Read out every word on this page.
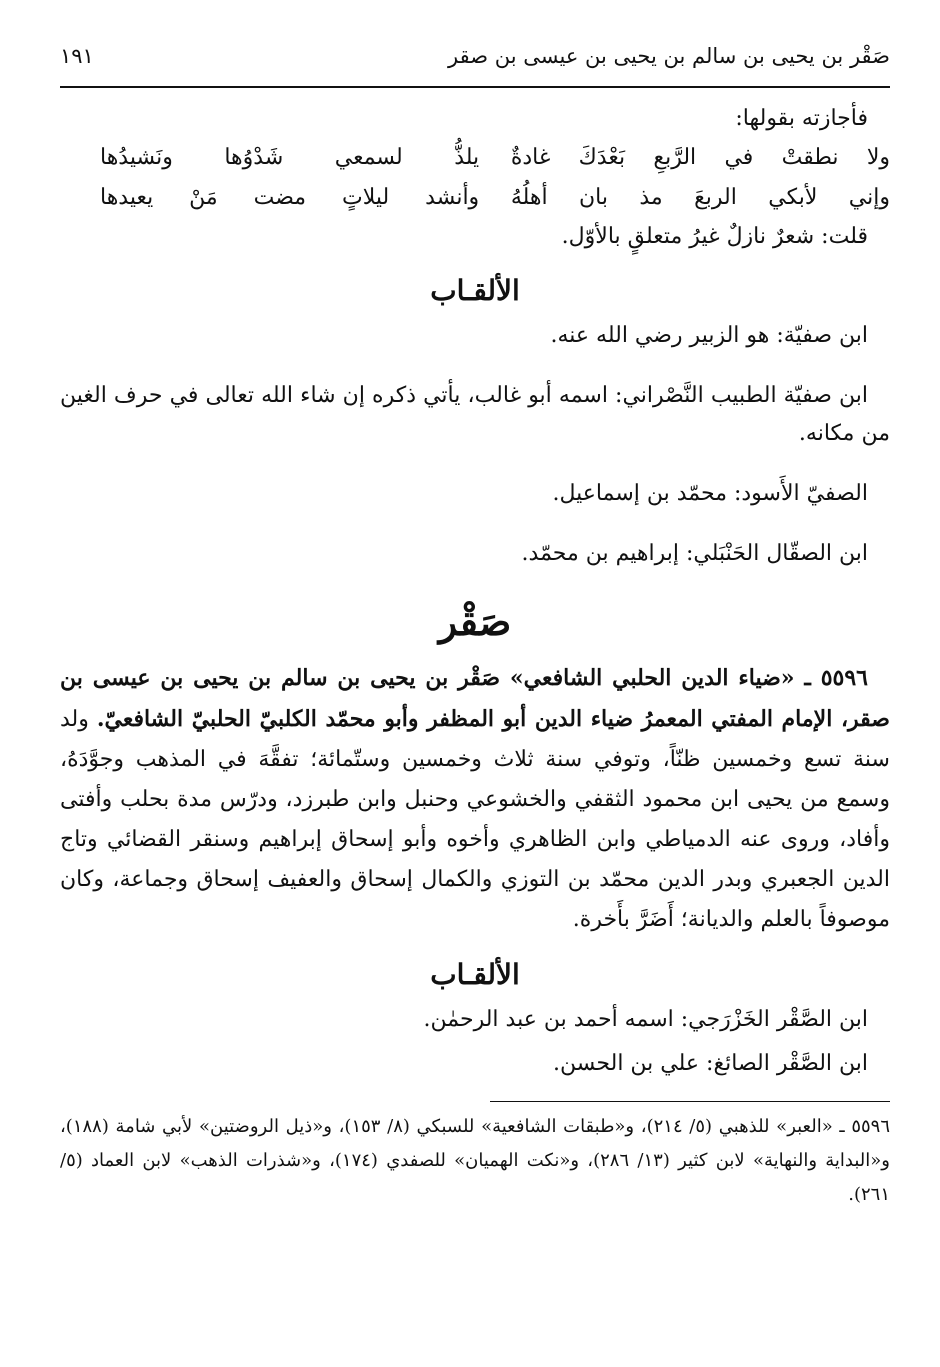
صَقْر بن يحيى بن سالم بن يحيى بن عيسى بن صقر
١٩١

فأجازته بقولها:

ولا نطقتْ في الرَّبعِ بَعْدَكَ غادةٌ
يلذُّ لسمعي شَدْوُها ونَشيدُها
وإني لأبكي الربعَ مذ بان أهلُهُ
وأنشد ليلاتٍ مضت مَنْ يعيدها

قلت: شعرٌ نازلٌ غيرُ متعلقٍ بالأوّل.

الألقـاب

ابن صفيّة: هو الزبير رضي الله عنه.

ابن صفيّة الطبيب النَّصْراني: اسمه أبو غالب، يأتي ذكره إن شاء الله تعالى في حرف الغين من مكانه.

الصفيّ الأَسود: محمّد بن إسماعيل.

ابن الصقّال الحَنْبَلي: إبراهيم بن محمّد.

صَقْر

٥٥٩٦ ـ «ضياء الدين الحلبي الشافعي» صَقْر بن يحيى بن سالم بن يحيى بن عيسى بن صقر، الإمام المفتي المعمرُ ضياء الدين أبو المظفر وأبو محمّد الكلبيّ الحلبيّ الشافعيّ. ولد سنة تسع وخمسين ظنّاً، وتوفي سنة ثلاث وخمسين وستّمائة؛ تفقَّهَ في المذهب وجوَّدَهُ، وسمع من يحيى ابن محمود الثقفي والخشوعي وحنبل وابن طبرزد، ودرّس مدة بحلب وأفتى وأفاد، وروى عنه الدمياطي وابن الظاهري وأخوه وأبو إسحاق إبراهيم وسنقر القضائي وتاج الدين الجعبري وبدر الدين محمّد بن التوزي والكمال إسحاق والعفيف إسحاق وجماعة، وكان موصوفاً بالعلم والديانة؛ أَضَرَّ بأَخرة.

الألقـاب

ابن الصَّقْر الخَزْرَجي: اسمه أحمد بن عبد الرحمٰن.

ابن الصَّقْر الصائغ: علي بن الحسن.

٥٥٩٦ ـ «العبر» للذهبي (٥/ ٢١٤)، و«طبقات الشافعية» للسبكي (٨/ ١٥٣)، و«ذيل الروضتين» لأبي شامة (١٨٨)، و«البداية والنهاية» لابن كثير (١٣/ ٢٨٦)، و«نكت الهميان» للصفدي (١٧٤)، و«شذرات الذهب» لابن العماد (٥/ ٢٦١).
